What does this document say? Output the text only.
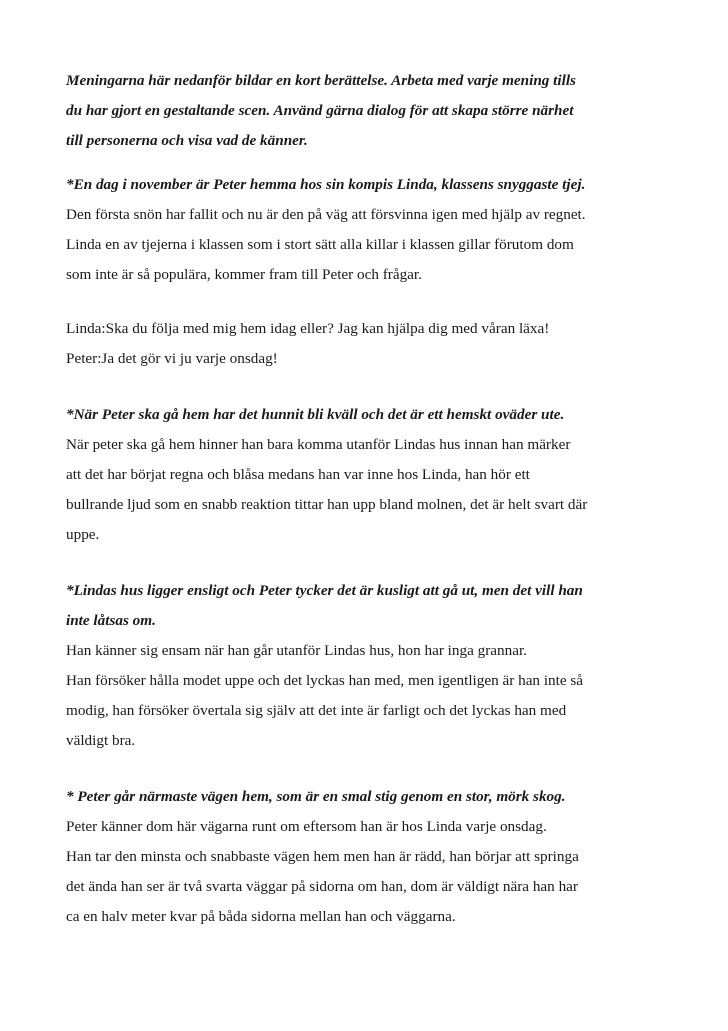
Meningarna här nedanför bildar en kort berättelse. Arbeta med varje mening tills
du har gjort en gestaltande scen. Använd gärna dialog för att skapa större närhet
till personerna och visa vad de känner.
*En dag i november är Peter hemma hos sin kompis Linda, klassens snyggaste tjej.
Den första snön har fallit och nu är den på väg att försvinna igen med hjälp av regnet.
Linda en av tjejerna i klassen som i stort sätt alla killar i klassen gillar förutom dom
som inte är så populära, kommer fram till Peter och frågar.
Linda:Ska du följa med mig hem idag eller? Jag kan hjälpa dig med våran läxa!
Peter:Ja det gör vi ju varje onsdag!
*När Peter ska gå hem har det hunnit bli kväll och det är ett hemskt oväder ute.
När peter ska gå hem hinner han bara komma utanför Lindas hus innan han märker
att det har börjat regna och blåsa medans han var inne hos Linda, han hör ett
bullrande ljud som en snabb reaktion tittar han upp bland molnen, det är helt svart där
uppe.
*Lindas hus ligger ensligt och Peter tycker det är kusligt att gå ut, men det vill han
inte låtsas om.
Han känner sig ensam när han går utanför Lindas hus, hon har inga grannar.
Han försöker hålla modet uppe och det lyckas han med, men igentligen är han inte så
modig, han försöker övertala sig själv att det inte är farligt och det lyckas han med
väldigt bra.
* Peter går närmaste vägen hem, som är en smal stig genom en stor, mörk skog.
Peter känner dom här vägarna runt om eftersom han är hos Linda varje onsdag.
Han tar den minsta och snabbaste vägen hem men han är rädd, han börjar att springa
det ända han ser är två svarta väggar på sidorna om han, dom är väldigt nära han har
ca en halv meter kvar på båda sidorna mellan han och väggarna.
